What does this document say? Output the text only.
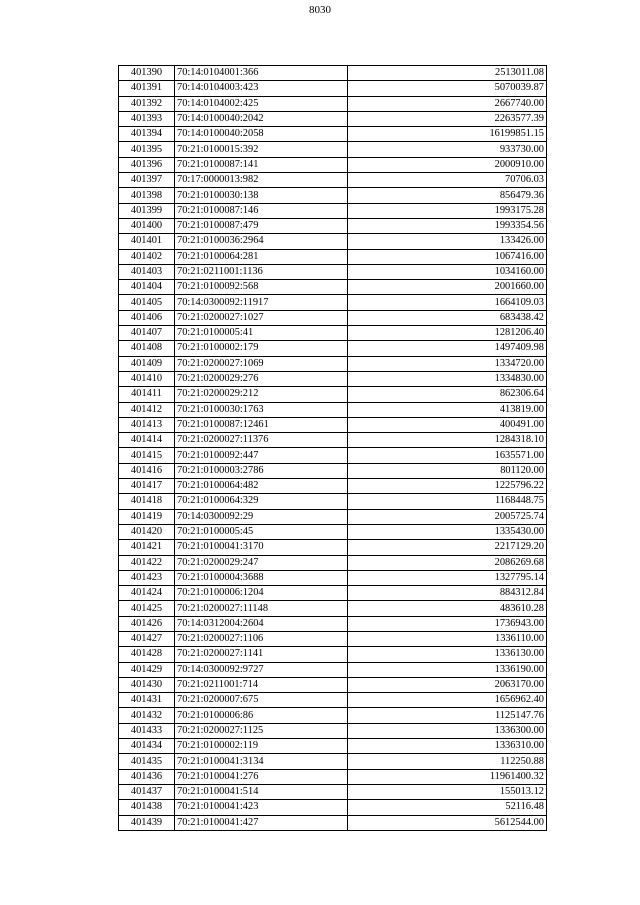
8030
401390	70:14:0104001:366	2513011.08
401391	70:14:0104003:423	5070039.87
401392	70:14:0104002:425	2667740.00
401393	70:14:0100040:2042	2263577.39
401394	70:14:0100040:2058	16199851.15
401395	70:21:0100015:392	933730.00
401396	70:21:0100087:141	2000910.00
401397	70:17:0000013:982	70706.03
401398	70:21:0100030:138	856479.36
401399	70:21:0100087:146	1993175.28
401400	70:21:0100087:479	1993354.56
401401	70:21:0100036:2964	133426.00
401402	70:21:0100064:281	1067416.00
401403	70:21:0211001:1136	1034160.00
401404	70:21:0100092:568	2001660.00
401405	70:14:0300092:11917	1664109.03
401406	70:21:0200027:1027	683438.42
401407	70:21:0100005:41	1281206.40
401408	70:21:0100002:179	1497409.98
401409	70:21:0200027:1069	1334720.00
401410	70:21:0200029:276	1334830.00
401411	70:21:0200029:212	862306.64
401412	70:21:0100030:1763	413819.00
401413	70:21:0100087:12461	400491.00
401414	70:21:0200027:11376	1284318.10
401415	70:21:0100092:447	1635571.00
401416	70:21:0100003:2786	801120.00
401417	70:21:0100064:482	1225796.22
401418	70:21:0100064:329	1168448.75
401419	70:14:0300092:29	2005725.74
401420	70:21:0100005:45	1335430.00
401421	70:21:0100041:3170	2217129.20
401422	70:21:0200029:247	2086269.68
401423	70:21:0100004:3688	1327795.14
401424	70:21:0100006:1204	884312.84
401425	70:21:0200027:11148	483610.28
401426	70:14:0312004:2604	1736943.00
401427	70:21:0200027:1106	1336110.00
401428	70:21:0200027:1141	1336130.00
401429	70:14:0300092:9727	1336190.00
401430	70:21:0211001:714	2063170.00
401431	70:21:0200007:675	1656962.40
401432	70:21:0100006:86	1125147.76
401433	70:21:0200027:1125	1336300.00
401434	70:21:0100002:119	1336310.00
401435	70:21:0100041:3134	112250.88
401436	70:21:0100041:276	11961400.32
401437	70:21:0100041:514	155013.12
401438	70:21:0100041:423	52116.48
401439	70:21:0100041:427	5612544.00
